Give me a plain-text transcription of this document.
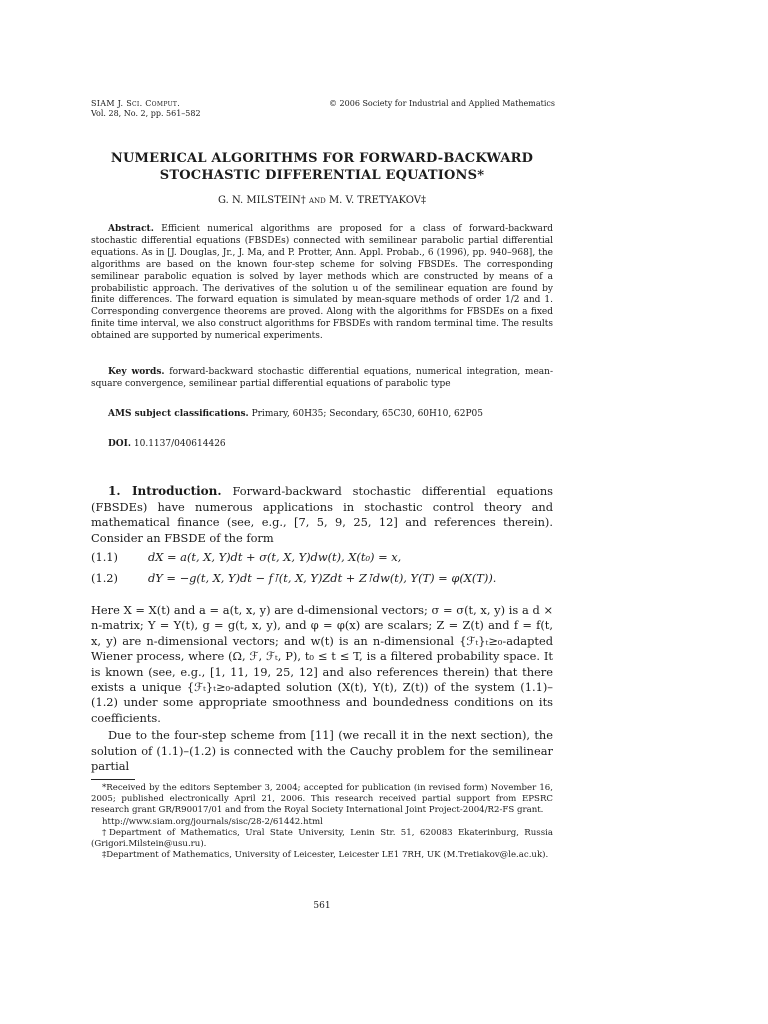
SIAM J. Sci. Comput.
Vol. 28, No. 2, pp. 561–582
© 2006 Society for Industrial and Applied Mathematics
NUMERICAL ALGORITHMS FOR FORWARD-BACKWARD
STOCHASTIC DIFFERENTIAL EQUATIONS*
G. N. MILSTEIN† and M. V. TRETYAKOV‡

Abstract. Efficient numerical algorithms are proposed for a class of forward-backward stochastic differential equations (FBSDEs) connected with semilinear parabolic partial differential equations. As in [J. Douglas, Jr., J. Ma, and P. Protter, Ann. Appl. Probab., 6 (1996), pp. 940–968], the algorithms are based on the known four-step scheme for solving FBSDEs. The corresponding semilinear parabolic equation is solved by layer methods which are constructed by means of a probabilistic approach. The derivatives of the solution u of the semilinear equation are found by finite differences. The forward equation is simulated by mean-square methods of order 1/2 and 1. Corresponding convergence theorems are proved. Along with the algorithms for FBSDEs on a fixed finite time interval, we also construct algorithms for FBSDEs with random terminal time. The results obtained are supported by numerical experiments.

Key words. forward-backward stochastic differential equations, numerical integration, mean-square convergence, semilinear partial differential equations of parabolic type

AMS subject classifications. Primary, 60H35; Secondary, 65C30, 60H10, 62P05

DOI. 10.1137/040614426

1. Introduction. Forward-backward stochastic differential equations (FBSDEs) have numerous applications in stochastic control theory and mathematical finance (see, e.g., [7, 5, 9, 25, 12] and references therein). Consider an FBSDE of the form

(1.1)	dX = a(t, X, Y)dt + σ(t, X, Y)dw(t), X(t₀) = x,
(1.2)	dY = −g(t, X, Y)dt − f⊺(t, X, Y)Zdt + Z⊺dw(t), Y(T) = φ(X(T)).

Here X = X(t) and a = a(t, x, y) are d-dimensional vectors; σ = σ(t, x, y) is a d × n-matrix; Y = Y(t), g = g(t, x, y), and φ = φ(x) are scalars; Z = Z(t) and f = f(t, x, y) are n-dimensional vectors; and w(t) is an n-dimensional {ℱₜ}ₜ≥₀-adapted Wiener process, where (Ω, ℱ, ℱₜ, P), t₀ ≤ t ≤ T, is a filtered probability space. It is known (see, e.g., [1, 11, 19, 25, 12] and also references therein) that there exists a unique {ℱₜ}ₜ≥₀-adapted solution (X(t), Y(t), Z(t)) of the system (1.1)–(1.2) under some appropriate smoothness and boundedness conditions on its coefficients.

Due to the four-step scheme from [11] (we recall it in the next section), the solution of (1.1)–(1.2) is connected with the Cauchy problem for the semilinear partial

*Received by the editors September 3, 2004; accepted for publication (in revised form) November 16, 2005; published electronically April 21, 2006. This research received partial support from EPSRC research grant GR/R90017/01 and from the Royal Society International Joint Project-2004/R2-FS grant.

http://www.siam.org/journals/sisc/28-2/61442.html

†Department of Mathematics, Ural State University, Lenin Str. 51, 620083 Ekaterinburg, Russia (Grigori.Milstein@usu.ru).

‡Department of Mathematics, University of Leicester, Leicester LE1 7RH, UK (M.Tretiakov@le.ac.uk).

561
